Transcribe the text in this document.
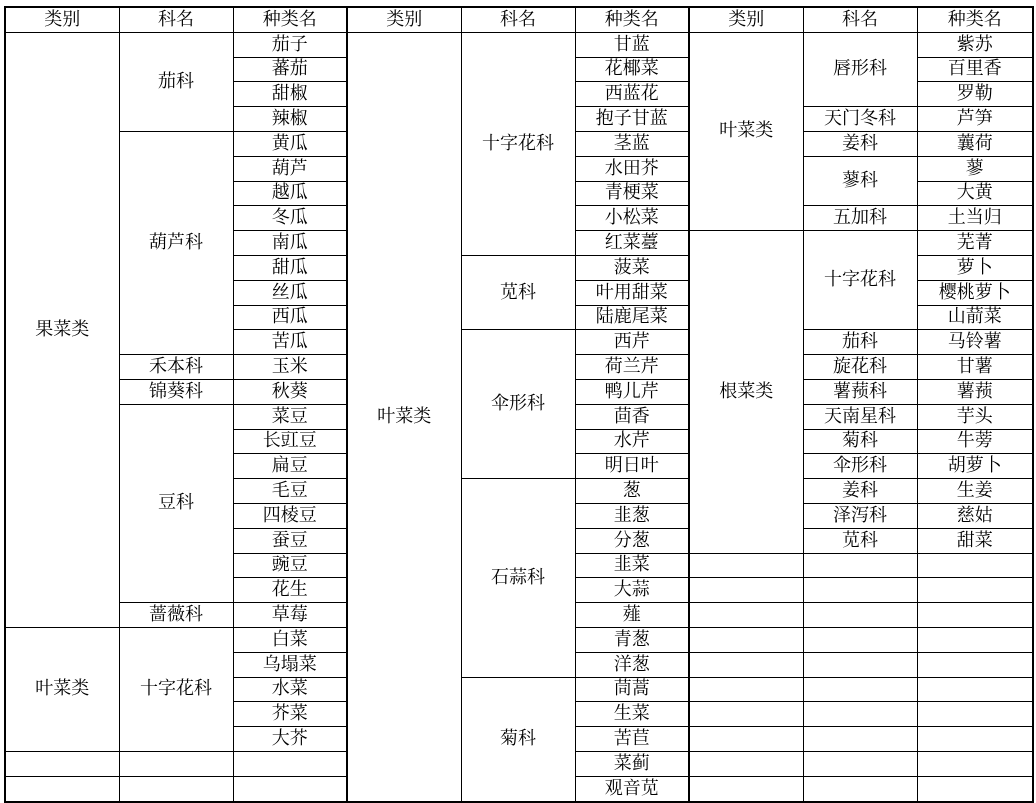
类别	科名	种类名	类别	科名	种类名	类别	科名	种类名
果菜类	茄科	茄子	叶菜类	十字花科	甘蓝	叶菜类	唇形科	紫苏
		蕃茄			花椰菜			百里香
		甜椒			西蓝花			罗勒
		辣椒			抱子甘蓝		天门冬科	芦笋
	葫芦科	黄瓜			茎蓝		姜科	蘘荷
		葫芦			水田芥		蓼科	蓼
		越瓜			青梗菜			大黄
		冬瓜			小松菜		五加科	土当归
		南瓜			红菜薹	根菜类	十字花科	芜菁
		甜瓜		苋科	菠菜			萝卜
		丝瓜			叶用甜菜			樱桃萝卜
		西瓜			陆鹿尾菜			山葥菜
		苦瓜		伞形科	西芹		茄科	马铃薯
	禾本科	玉米			荷兰芹		旋花科	甘薯
	锦葵科	秋葵			鸭儿芹		薯蓣科	薯蓣
	豆科	菜豆			茴香		天南星科	芋头
		长豇豆			水芹		菊科	牛蒡
		扁豆			明日叶		伞形科	胡萝卜
		毛豆		石蒜科	葱		姜科	生姜
		四棱豆			韭葱		泽泻科	慈姑
		蚕豆			分葱		苋科	甜菜
		豌豆			韭菜			
		花生			大蒜			
	蔷薇科	草莓			薤			
叶菜类	十字花科	白菜			青葱			
		乌塌菜			洋葱			
		水菜		菊科	茼蒿			
		芥菜			生菜			
		大芥			苦苣			
					菜蓟			
					观音苋			
